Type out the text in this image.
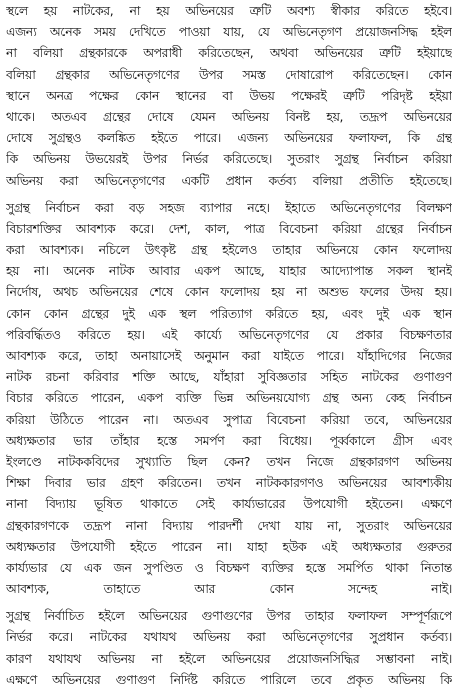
স্থলে হয় নাটকের, না হয় অভিনয়ের ত্রুটি অবশ্য স্বীকার করিতে হইবে।
এজন্য অনেক সময় দেখিতে পাওয়া যায়, যে অভিনেতৃগণ প্রয়োজনসিদ্ধ হইল
না বলিয়া গ্রন্থকারকে অপরাধী করিতেছেন, অথবা অভিনয়ের ত্রুটি হইয়াছে
বলিয়া গ্রন্থকার অভিনেতৃগণের উপর সমস্ত দোষারোপ করিতেছেন। কোন
স্থানে অনত্র পক্ষের কোন স্থানের বা উভয় পক্ষেরই ত্রুটি পরিদৃষ্ট হইয়া
থাকে। অতএব গ্রন্থের দোষে যেমন অভিনয় বিনষ্ট হয়, তদ্রূপ অভিনয়ের
দোষে সুগ্রন্থও কলঙ্কিত হইতে পারে। এজন্য অভিনয়ের ফলাফল, কি গ্রন্থ
কি অভিনয় উভয়েরই উপর নির্ভর করিতেছে। সুতরাং সুগ্রন্থ নির্বাচন করিয়া
অভিনয় করা অভিনেতৃগণের একটি প্রধান কর্তব্য বলিয়া প্রতীতি হইতেছে।
সুগ্রন্থ নির্বাচন করা বড় সহজ ব্যাপার নহে। ইহাতে অভিনেতৃগণের বিলক্ষণ
বিচারশক্তির আবশ্যক করে। দেশ, কাল, পাত্র বিবেচনা করিয়া গ্রন্থের নির্বাচন
করা আবশ্যক। নচিলে উৎকৃষ্ট গ্রন্থ হইলেও তাহার অভিনয়ে কোন ফলোদয়
হয় না। অনেক নাটক আবার একপ আছে, যাহার আদ্যোপান্ত সকল স্থানই
নির্দোষ, অথচ অভিনয়ের শেষে কোন ফলোদয় হয় না অশুভ ফলের উদয় হয়।
কোন কোন গ্রন্থের দুই এক স্থল পরিত্যাগ করিতে হয়, এবং দুই এক স্থান
পরিবর্দ্ধিতও করিতে হয়। এই কার্য্যে অভিনেতৃগণের যে প্রকার বিচক্ষণতার
আবশ্যক করে, তাহা অনায়াসেই অনুমান করা যাইতে পারে। যাঁহাদিগের নিজের
নাটক রচনা করিবার শক্তি আছে, যাঁহারা সুবিজ্ঞতার সহিত নাটকের গুণাগুণ
বিচার করিতে পারেন, একপ ব্যক্তি ভিন্ন অভিনয়যোগ্য গ্রন্থ অন্য কেহ নির্বাচন
করিয়া উঠিতে পারেন না। অতএব সুপাত্র বিবেচনা করিয়া তবে, অভিনয়ের
অধ্যক্ষতার ভার তাঁহার হস্তে সমর্পণ করা বিধেয়। পূর্ব্বকালে গ্রীস এবং
ইংলণ্ডে নাটককবিদের সুখ্যাতি ছিল কেন? তখন নিজে গ্রন্থকারগণ অভিনয়
শিক্ষা দিবার ভার গ্রহণ করিতেন। তখন নাটককারগণও অভিনয়ের আবশ্যকীয়
নানা বিদ্যায় ভূষিত থাকাতে সেই কার্য্যভারের উপযোগী হইতেন। এক্ষণে
গ্রন্থকারগণকে তদ্রূপ নানা বিদ্যায় পারদর্শী দেখা যায় না, সুতরাং অভিনয়ের
অধ্যক্ষতার উপযোগী হইতে পারেন না। যাহা হউক এই অধ্যক্ষতার গুরুতর
কার্য্যভার যে এক জন সুপণ্ডিত ও বিচক্ষণ ব্যক্তির হস্তে সমর্পিত থাকা নিতান্ত
আবশ্যক, তাহাতে আর কোন সন্দেহ নাই।
সুগ্রন্থ নির্বাচিত হইলে অভিনয়ের গুণাগুণের উপর তাহার ফলাফল সম্পূর্ণরূপে
নির্ভর করে। নাটকের যথাযথ অভিনয় করা অভিনেতৃগণের সুপ্রধান কর্তব্য।
কারণ যথাযথ অভিনয় না হইলে অভিনয়ের প্রয়োজনসিদ্ধির সম্ভাবনা নাই।
এক্ষণে অভিনয়ের গুণাগুণ নির্দিষ্ট করিতে পারিলে তবে প্রকৃত অভিনয় কি
